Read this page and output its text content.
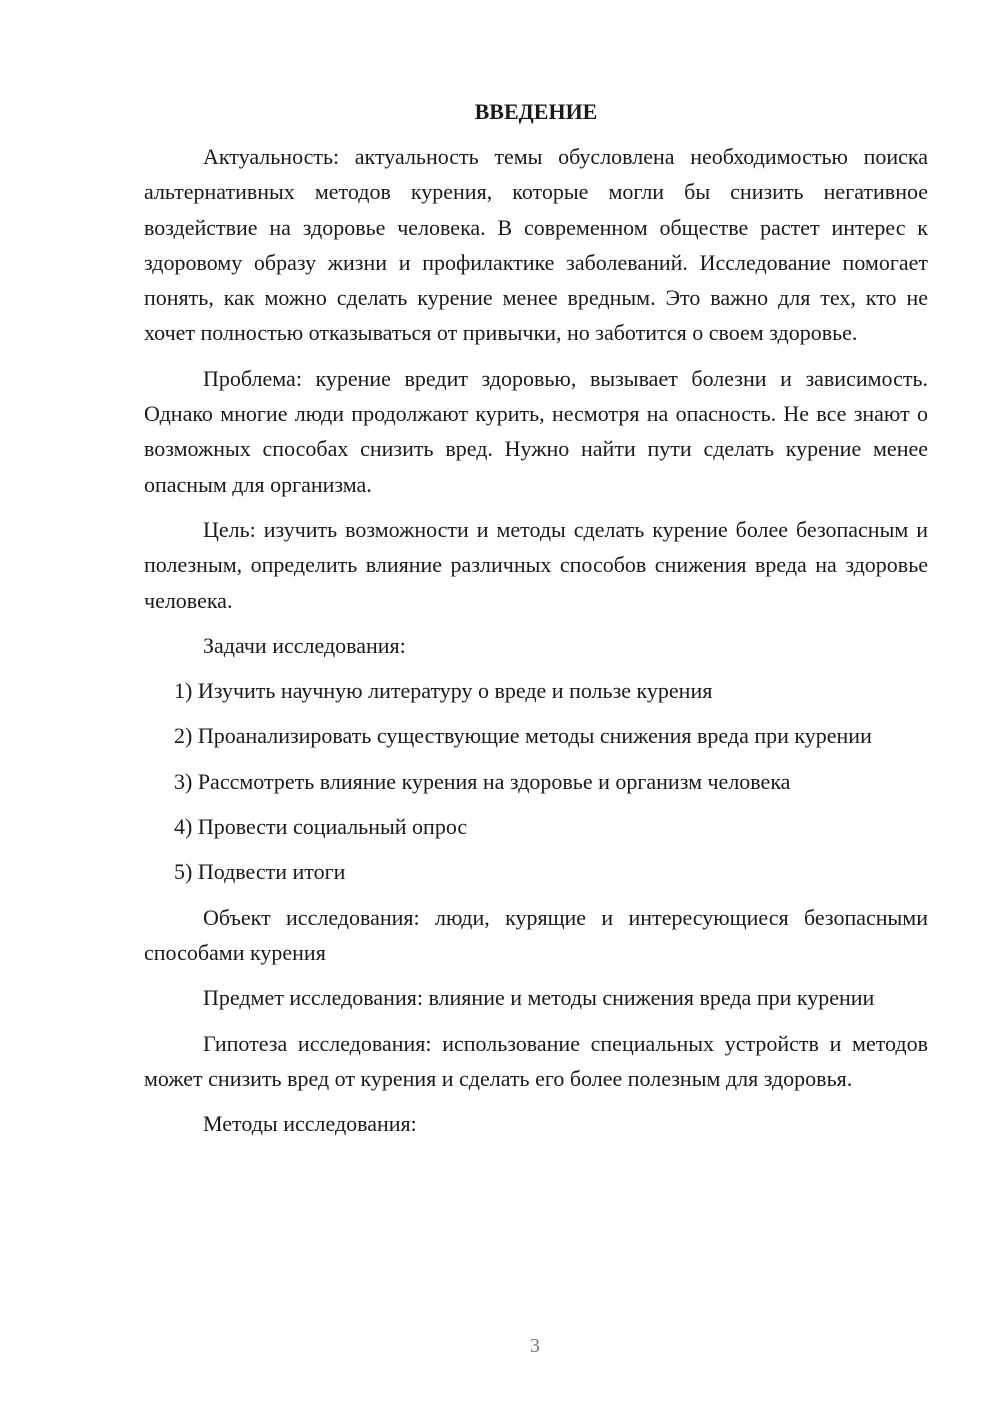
ВВЕДЕНИЕ

Актуальность: актуальность темы обусловлена необходимостью поиска альтернативных методов курения, которые могли бы снизить негативное воздействие на здоровье человека. В современном обществе растет интерес к здоровому образу жизни и профилактике заболеваний. Исследование помогает понять, как можно сделать курение менее вредным. Это важно для тех, кто не хочет полностью отказываться от привычки, но заботится о своем здоровье.

Проблема: курение вредит здоровью, вызывает болезни и зависимость. Однако многие люди продолжают курить, несмотря на опасность. Не все знают о возможных способах снизить вред. Нужно найти пути сделать курение менее опасным для организма.

Цель: изучить возможности и методы сделать курение более безопасным и полезным, определить влияние различных способов снижения вреда на здоровье человека.

Задачи исследования:

1) Изучить научную литературу о вреде и пользе курения

2) Проанализировать существующие методы снижения вреда при курении

3) Рассмотреть влияние курения на здоровье и организм человека

4) Провести социальный опрос

5) Подвести итоги

Объект исследования: люди, курящие и интересующиеся безопасными способами курения

Предмет исследования: влияние и методы снижения вреда при курении

Гипотеза исследования: использование специальных устройств и методов может снизить вред от курения и сделать его более полезным для здоровья.

Методы исследования:

3
